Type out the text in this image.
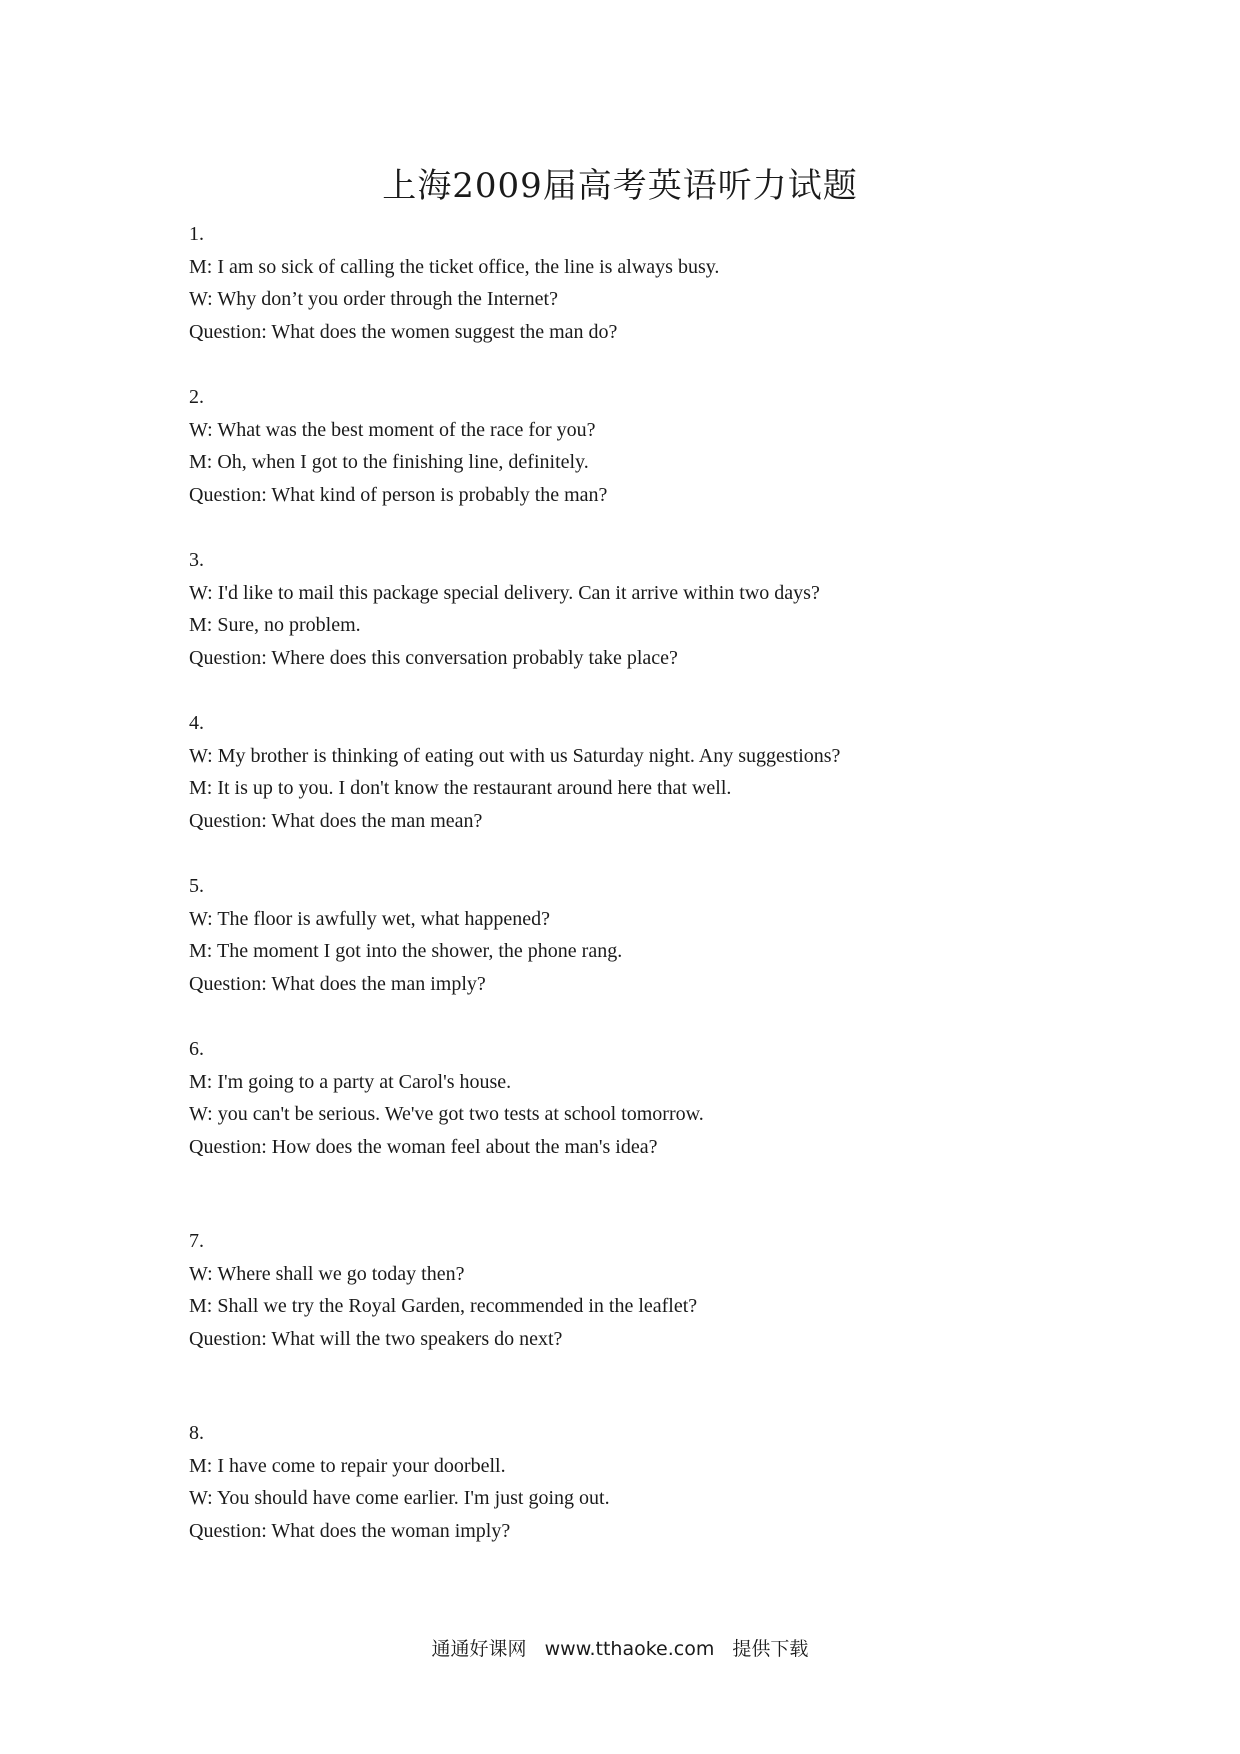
上海2009届高考英语听力试题
1.
M: I am so sick of calling the ticket office, the line is always busy.
W: Why don’t you order through the Internet?
Question: What does the women suggest the man do?
2.
W: What was the best moment of the race for you?
M: Oh, when I got to the finishing line, definitely.
Question: What kind of person is probably the man?
3.
W: I'd like to mail this package special delivery. Can it arrive within two days?
M: Sure, no problem.
Question: Where does this conversation probably take place?
4.
W: My brother is thinking of eating out with us Saturday night. Any suggestions?
M: It is up to you. I don't know the restaurant around here that well.
Question: What does the man mean?
5.
W: The floor is awfully wet, what happened?
M: The moment I got into the shower, the phone rang.
Question: What does the man imply?
6.
M: I'm going to a party at Carol's house.
W: you can't be serious. We've got two tests at school tomorrow.
Question: How does the woman feel about the man's idea?
7.
W: Where shall we go today then?
M: Shall we try the Royal Garden, recommended in the leaflet?
Question: What will the two speakers do next?
8.
M: I have come to repair your doorbell.
W: You should have come earlier. I'm just going out.
Question: What does the woman imply?
通通好课网 www.tthaoke.com 提供下载
